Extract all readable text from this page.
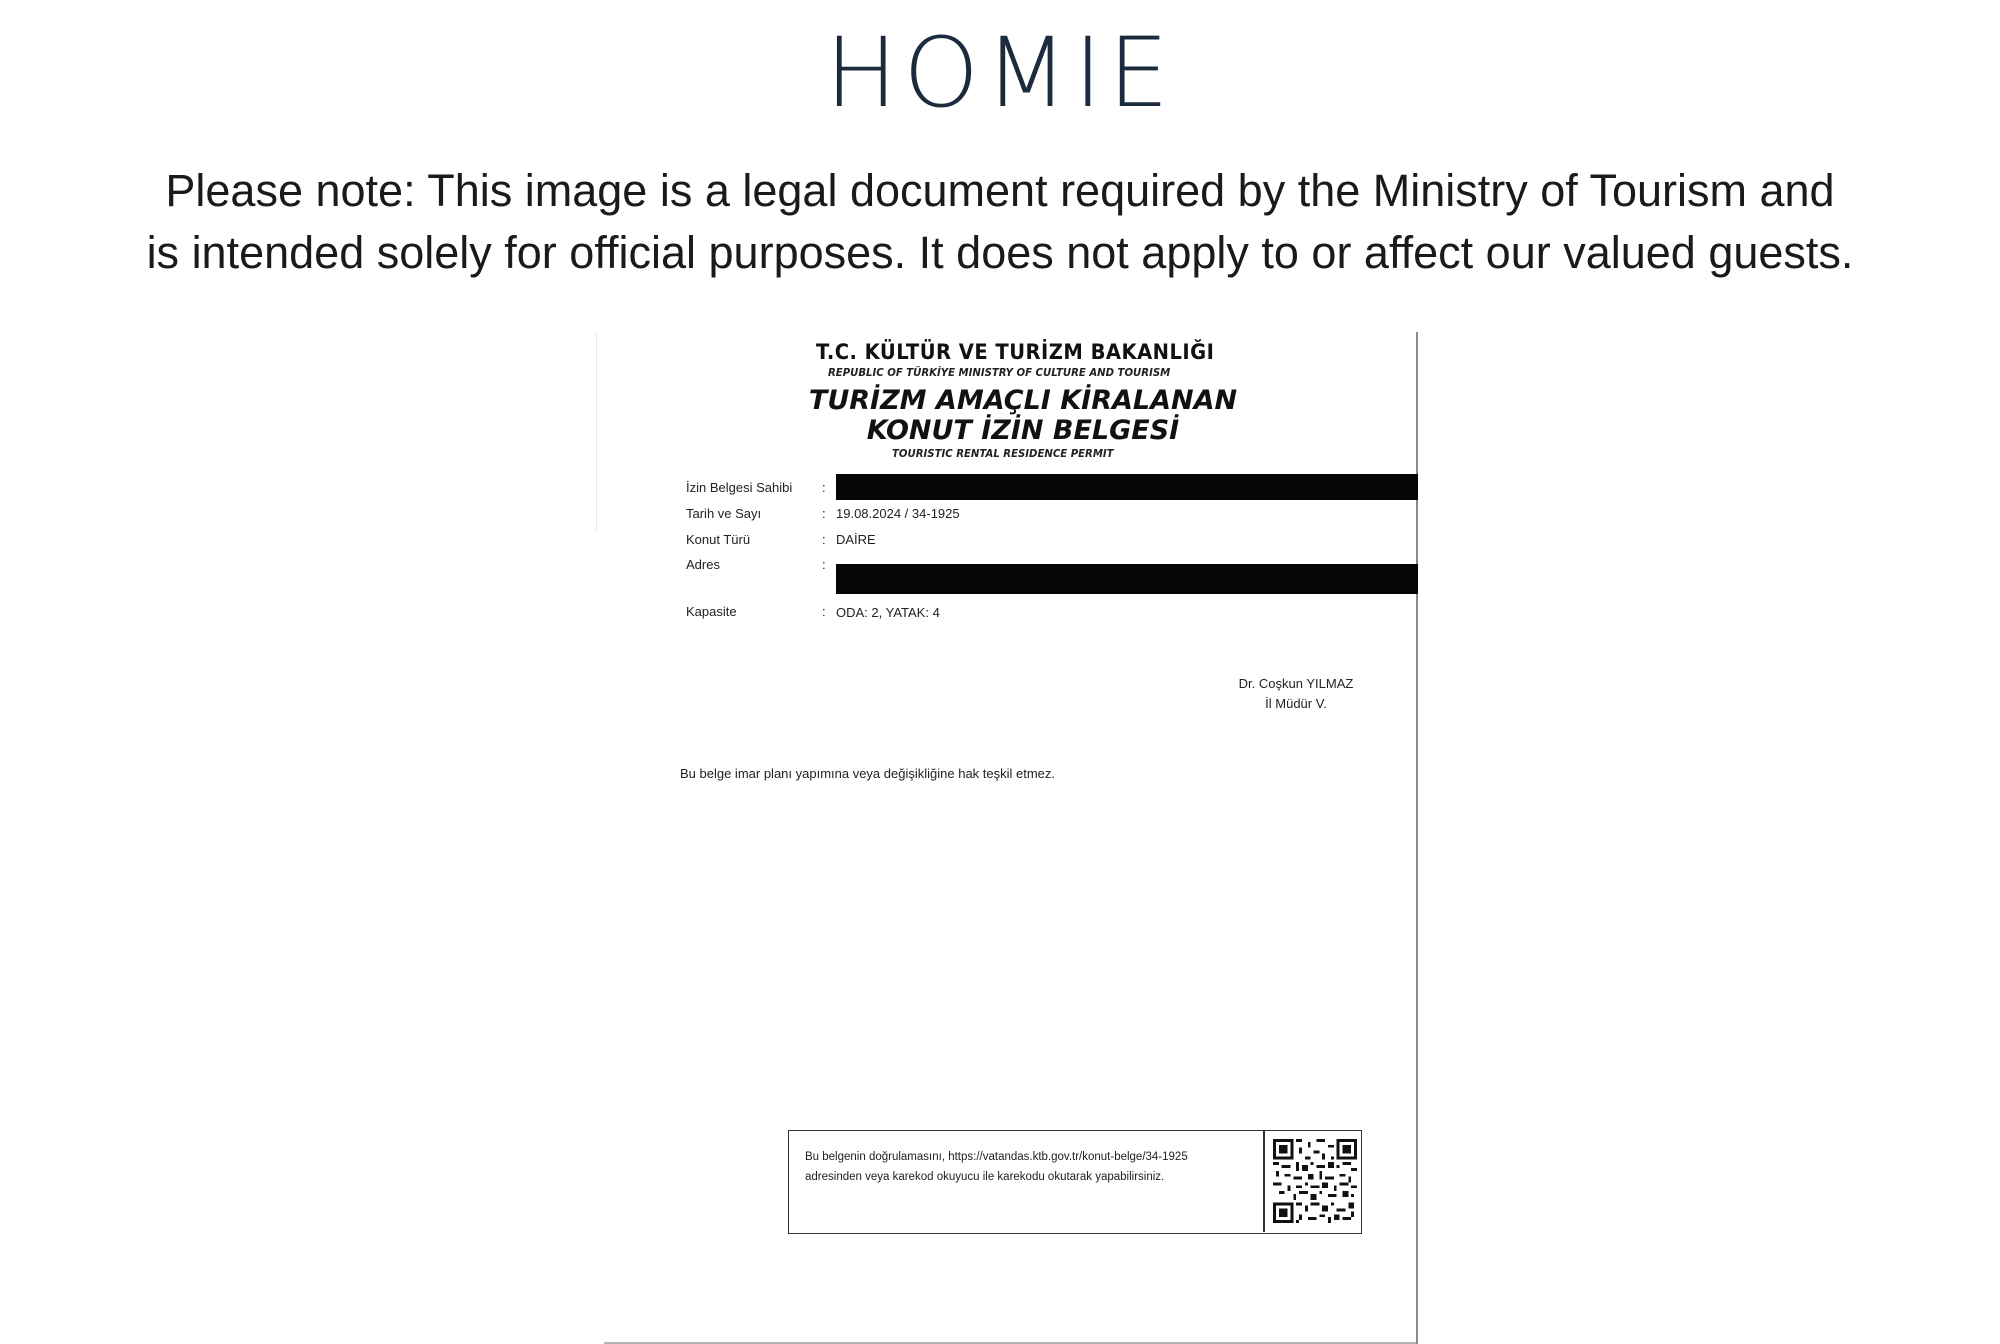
HOMIE
Please note: This image is a legal document required by the Ministry of Tourism and
is intended solely for official purposes. It does not apply to or affect our valued guests.
T.C. KÜLTÜR VE TURİZM BAKANLIĞI
REPUBLIC OF TÜRKİYE MINISTRY OF CULTURE AND TOURISM
TURİZM AMAÇLI KİRALANAN
KONUT İZİN BELGESİ
TOURISTIC RENTAL RESIDENCE PERMIT
İzin Belgesi Sahibi :
Tarih ve Sayı	: 19.08.2024 / 34-1925
Konut Türü	: DAİRE
Adres	:
Kapasite	: ODA: 2, YATAK: 4
Dr. Coşkun YILMAZ
İl Müdür V.
Bu belge imar planı yapımına veya değişikliğine hak teşkil etmez.
Bu belgenin doğrulamasını, https://vatandas.ktb.gov.tr/konut-belge/34-1925
adresinden veya karekod okuyucu ile karekodu okutarak yapabilirsiniz.
